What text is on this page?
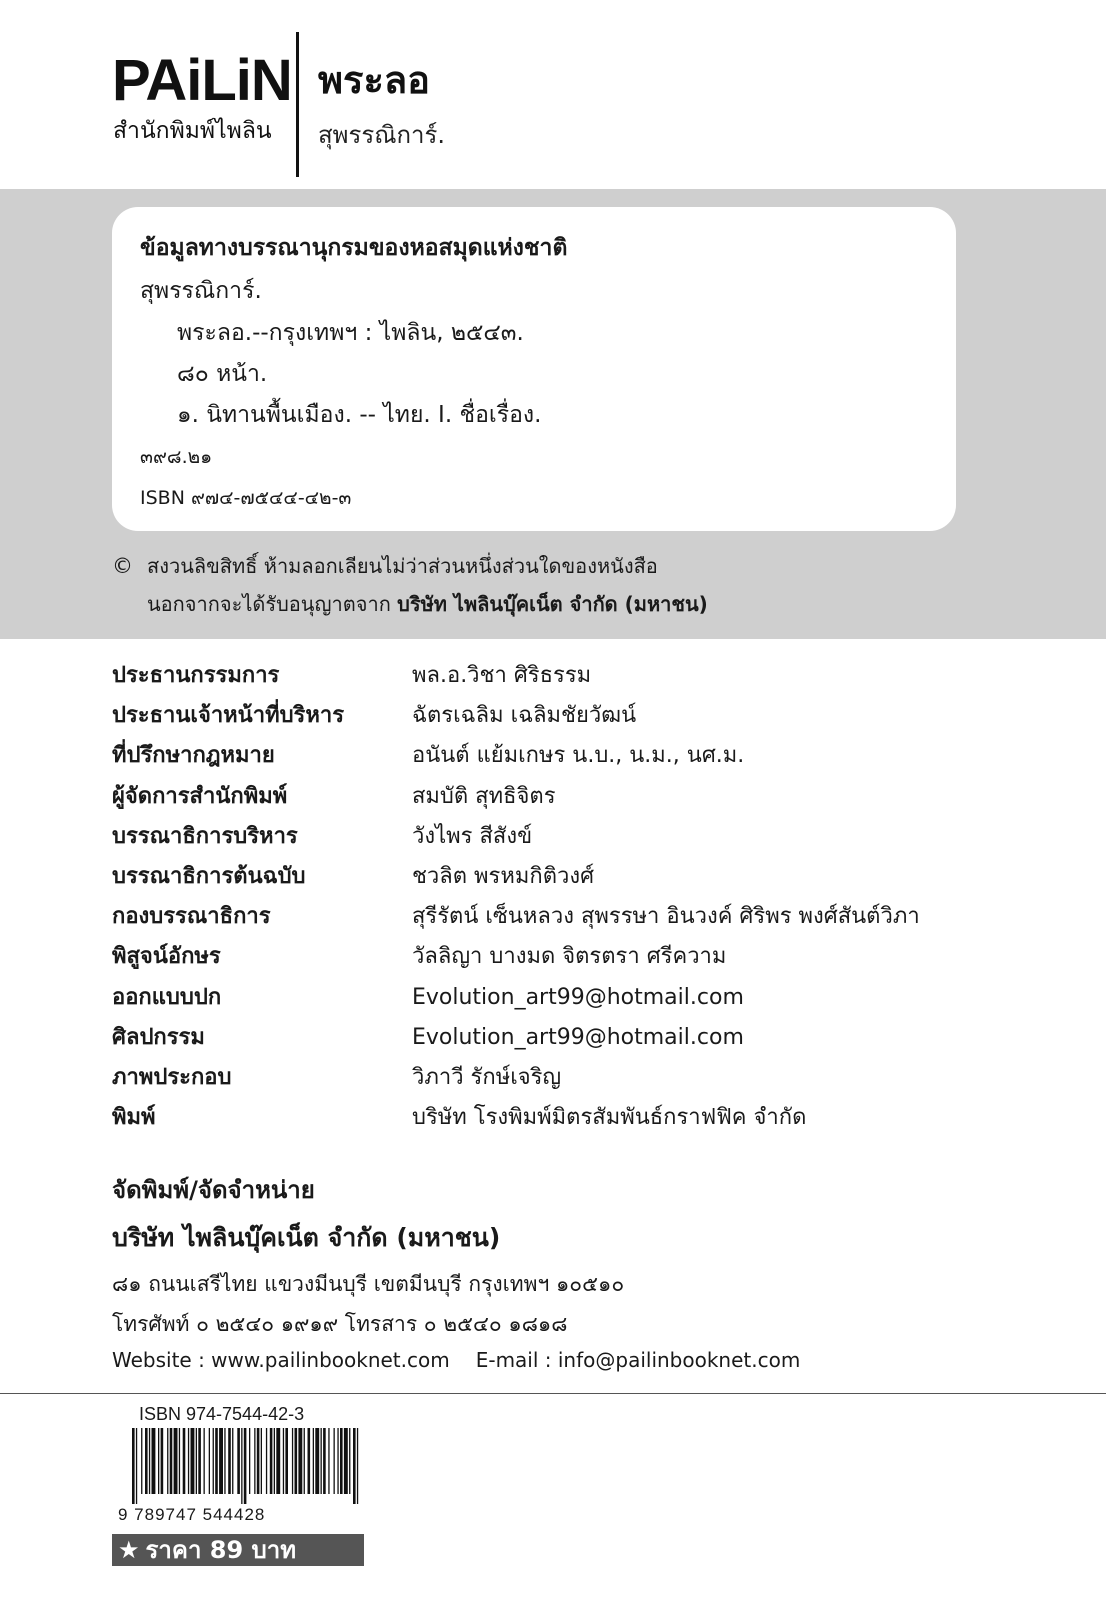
PAiLiN
สำนักพิมพ์ไพลิน
พระลอ
สุพรรณิการ์.
ข้อมูลทางบรรณานุกรมของหอสมุดแห่งชาติ
สุพรรณิการ์.
พระลอ.--กรุงเทพฯ : ไพลิน, ๒๕๔๓.
๘๐ หน้า.
๑. นิทานพื้นเมือง. -- ไทย. I. ชื่อเรื่อง.
๓๙๘.๒๑
ISBN ๙๗๔-๗๕๔๔-๔๒-๓
© สงวนลิขสิทธิ์ ห้ามลอกเลียนไม่ว่าส่วนหนึ่งส่วนใดของหนังสือ
นอกจากจะได้รับอนุญาตจาก บริษัท ไพลินบุ๊คเน็ต จำกัด (มหาชน)
ประธานกรรมการ	พล.อ.วิชา ศิริธรรม
ประธานเจ้าหน้าที่บริหาร	ฉัตรเฉลิม เฉลิมชัยวัฒน์
ที่ปรึกษากฎหมาย	อนันต์ แย้มเกษร น.บ., น.ม., นศ.ม.
ผู้จัดการสำนักพิมพ์	สมบัติ สุทธิจิตร
บรรณาธิการบริหาร	วังไพร สีสังข์
บรรณาธิการต้นฉบับ	ชวลิต พรหมกิติวงศ์
กองบรรณาธิการ	สุรีรัตน์ เซ็นหลวง สุพรรษา อินวงค์ ศิริพร พงศ์สันต์วิภา
พิสูจน์อักษร	วัลลิญา บางมด จิตรตรา ศรีความ
ออกแบบปก	Evolution_art99@hotmail.com
ศิลปกรรม	Evolution_art99@hotmail.com
ภาพประกอบ	วิภาวี รักษ์เจริญ
พิมพ์	บริษัท โรงพิมพ์มิตรสัมพันธ์กราฟฟิค จำกัด
จัดพิมพ์/จัดจำหน่าย
บริษัท ไพลินบุ๊คเน็ต จำกัด (มหาชน)
๘๑ ถนนเสรีไทย แขวงมีนบุรี เขตมีนบุรี กรุงเทพฯ ๑๐๕๑๐
โทรศัพท์ ๐ ๒๕๔๐ ๑๙๑๙ โทรสาร ๐ ๒๕๔๐ ๑๘๑๘
Website : www.pailinbooknet.com E-mail : info@pailinbooknet.com
ISBN 974-7544-42-3
9 789747 544428
★ ราคา 89 บาท
